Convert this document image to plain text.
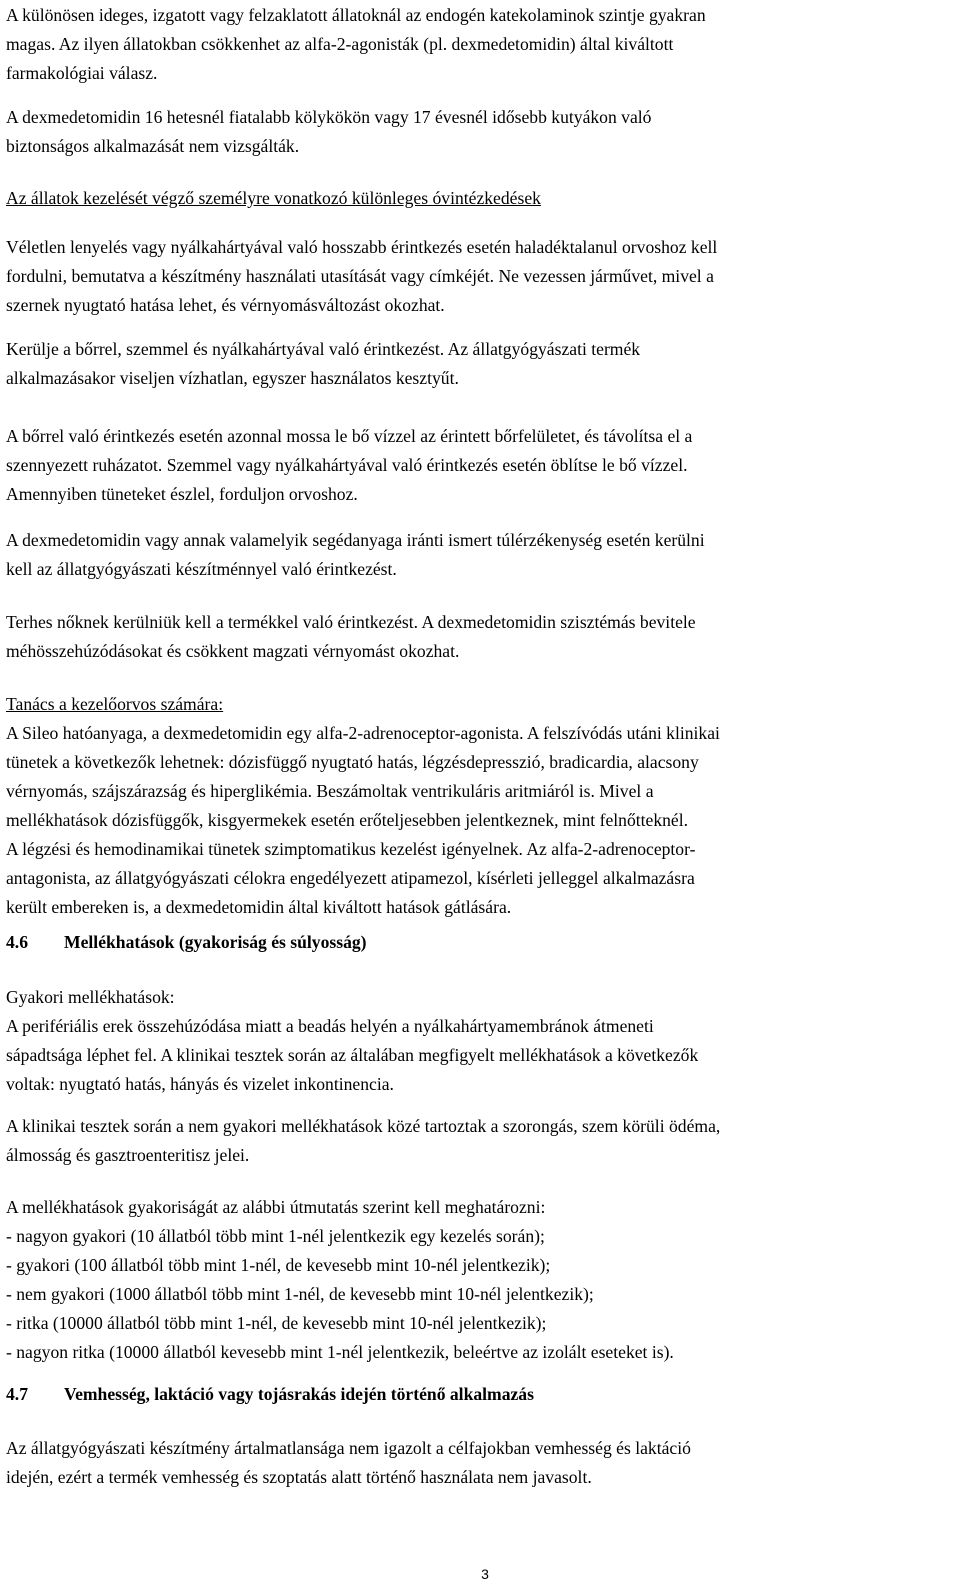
A különösen ideges, izgatott vagy felzaklatott állatoknál az endogén katekolaminok szintje gyakran
magas. Az ilyen állatokban csökkenhet az alfa-2-agonisták (pl. dexmedetomidin) által kiváltott
farmakológiai válasz.
A dexmedetomidin 16 hetesnél fiatalabb kölykökön vagy 17 évesnél idősebb kutyákon való
biztonságos alkalmazását nem vizsgálták.
Az állatok kezelését végző személyre vonatkozó különleges óvintézkedések
Véletlen lenyelés vagy nyálkahártyával való hosszabb érintkezés esetén haladéktalanul orvoshoz kell
fordulni, bemutatva a készítmény használati utasítását vagy címkéjét. Ne vezessen járművet, mivel a
szernek nyugtató hatása lehet, és vérnyomásváltozást okozhat.
Kerülje a bőrrel, szemmel és nyálkahártyával való érintkezést. Az állatgyógyászati termék
alkalmazásakor viseljen vízhatlan, egyszer használatos kesztyűt.
A bőrrel való érintkezés esetén azonnal mossa le bő vízzel az érintett bőrfelületet, és távolítsa el a
szennyezett ruházatot. Szemmel vagy nyálkahártyával való érintkezés esetén öblítse le bő vízzel.
Amennyiben tüneteket észlel, forduljon orvoshoz.
A dexmedetomidin vagy annak valamelyik segédanyaga iránti ismert túlérzékenység esetén kerülni
kell az állatgyógyászati készítménnyel való érintkezést.
Terhes nőknek kerülniük kell a termékkel való érintkezést. A dexmedetomidin szisztémás bevitele
méhösszehúzódásokat és csökkent magzati vérnyomást okozhat.
Tanács a kezelőorvos számára:
A Sileo hatóanyaga, a dexmedetomidin egy alfa-2-adrenoceptor-agonista. A felszívódás utáni klinikai
tünetek a következők lehetnek: dózisfüggő nyugtató hatás, légzésdepresszió, bradicardia, alacsony
vérnyomás, szájszárazság és hiperglikémia. Beszámoltak ventrikuláris aritmiáról is. Mivel a
mellékhatások dózisfüggők, kisgyermekek esetén erőteljesebben jelentkeznek, mint felnőtteknél.
A légzési és hemodinamikai tünetek szimptomatikus kezelést igényelnek. Az alfa-2-adrenoceptor-
antagonista, az állatgyógyászati célokra engedélyezett atipamezol, kísérleti jelleggel alkalmazásra
került embereken is, a dexmedetomidin által kiváltott hatások gátlására.
4.6 Mellékhatások (gyakoriság és súlyosság)
Gyakori mellékhatások:
A perifériális erek összehúzódása miatt a beadás helyén a nyálkahártyamembránok átmeneti
sápadtsága léphet fel. A klinikai tesztek során az általában megfigyelt mellékhatások a következők
voltak: nyugtató hatás, hányás és vizelet inkontinencia.
A klinikai tesztek során a nem gyakori mellékhatások közé tartoztak a szorongás, szem körüli ödéma,
álmosság és gasztroenteritisz jelei.
A mellékhatások gyakoriságát az alábbi útmutatás szerint kell meghatározni:
- nagyon gyakori (10 állatból több mint 1-nél jelentkezik egy kezelés során);
- gyakori (100 állatból több mint 1-nél, de kevesebb mint 10-nél jelentkezik);
- nem gyakori (1000 állatból több mint 1-nél, de kevesebb mint 10-nél jelentkezik);
- ritka (10000 állatból több mint 1-nél, de kevesebb mint 10-nél jelentkezik);
- nagyon ritka (10000 állatból kevesebb mint 1-nél jelentkezik, beleértve az izolált eseteket is).
4.7 Vemhesség, laktáció vagy tojásrakás idején történő alkalmazás
Az állatgyógyászati készítmény ártalmatlansága nem igazolt a célfajokban vemhesség és laktáció
idején, ezért a termék vemhesség és szoptatás alatt történő használata nem javasolt.
3
